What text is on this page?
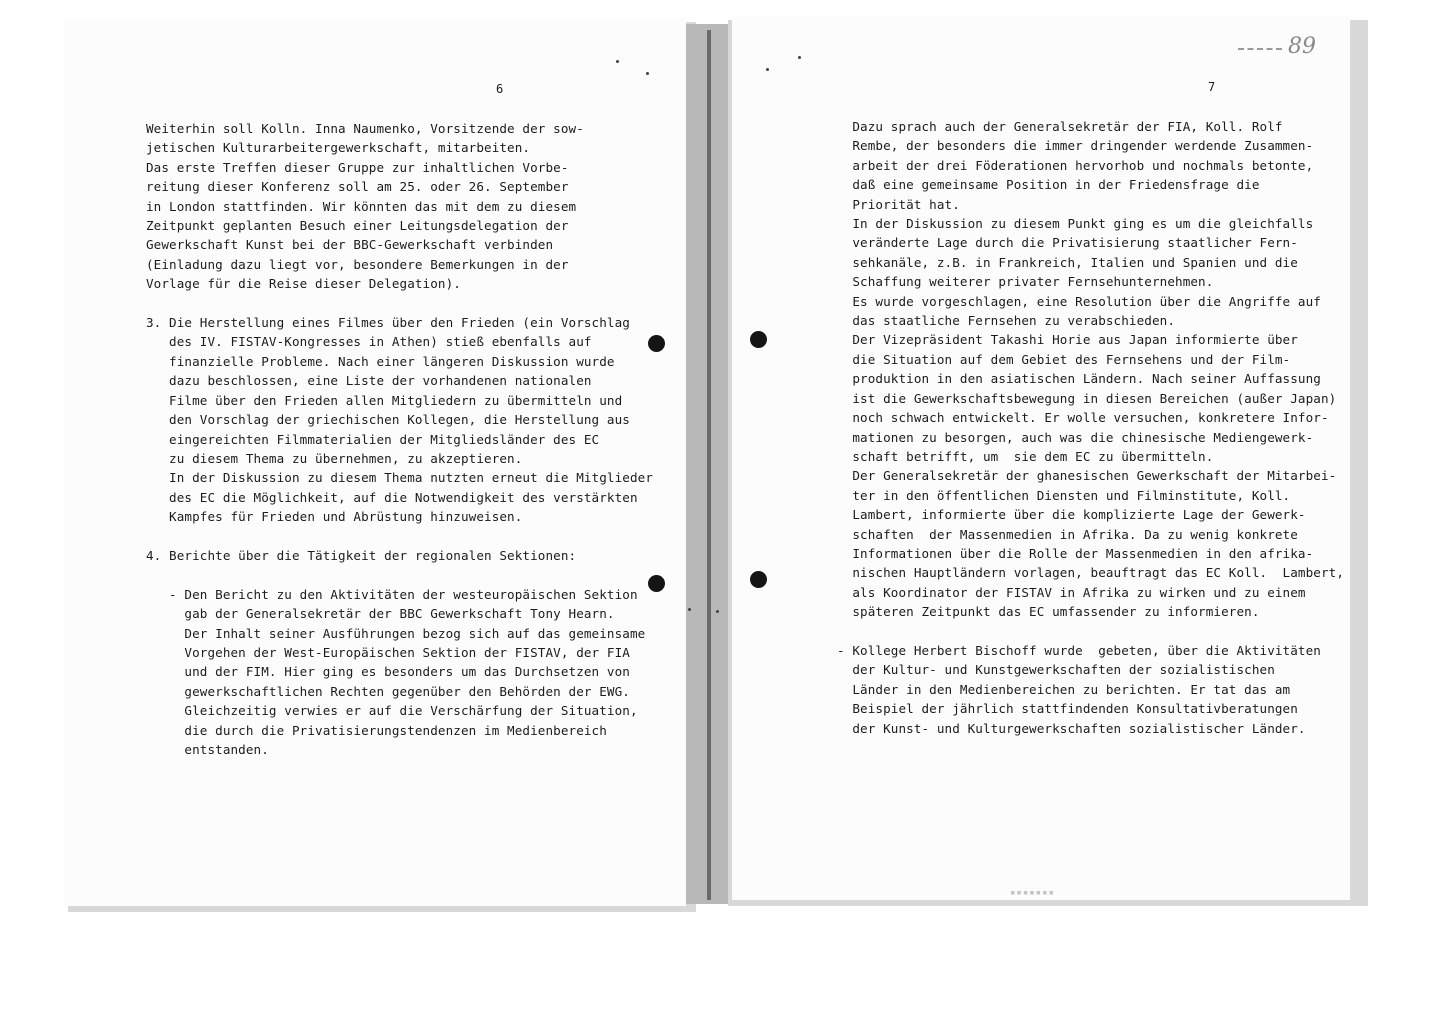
6
Weiterhin soll Kolln. Inna Naumenko, Vorsitzende der sow-
jetischen Kulturarbeitergewerkschaft, mitarbeiten.
Das erste Treffen dieser Gruppe zur inhaltlichen Vorbe-
reitung dieser Konferenz soll am 25. oder 26. September
in London stattfinden. Wir könnten das mit dem zu diesem
Zeitpunkt geplanten Besuch einer Leitungsdelegation der
Gewerkschaft Kunst bei der BBC-Gewerkschaft verbinden
(Einladung dazu liegt vor, besondere Bemerkungen in der
Vorlage für die Reise dieser Delegation).

3. Die Herstellung eines Filmes über den Frieden (ein Vorschlag
des IV. FISTAV-Kongresses in Athen) stieß ebenfalls auf
finanzielle Probleme. Nach einer längeren Diskussion wurde
dazu beschlossen, eine Liste der vorhandenen nationalen
Filme über den Frieden allen Mitgliedern zu übermitteln und
den Vorschlag der griechischen Kollegen, die Herstellung aus
eingereichten Filmmaterialien der Mitgliedsländer des EC
zu diesem Thema zu übernehmen, zu akzeptieren.
In der Diskussion zu diesem Thema nutzten erneut die Mitglieder
des EC die Möglichkeit, auf die Notwendigkeit des verstärkten
Kampfes für Frieden und Abrüstung hinzuweisen.

4. Berichte über die Tätigkeit der regionalen Sektionen:

- Den Bericht zu den Aktivitäten der westeuropäischen Sektion
gab der Generalsekretär der BBC Gewerkschaft Tony Hearn.
Der Inhalt seiner Ausführungen bezog sich auf das gemeinsame
Vorgehen der West-Europäischen Sektion der FISTAV, der FIA
und der FIM. Hier ging es besonders um das Durchsetzen von
gewerkschaftlichen Rechten gegenüber den Behörden der EWG.
Gleichzeitig verwies er auf die Verschärfung der Situation,
die durch die Privatisierungstendenzen im Medienbereich
entstanden.
7
Dazu sprach auch der Generalsekretär der FIA, Koll. Rolf
Rembe, der besonders die immer dringender werdende Zusammen-
arbeit der drei Föderationen hervorhob und nochmals betonte,
daß eine gemeinsame Position in der Friedensfrage die
Priorität hat.
In der Diskussion zu diesem Punkt ging es um die gleichfalls
veränderte Lage durch die Privatisierung staatlicher Fern-
sehkanäle, z.B. in Frankreich, Italien und Spanien und die
Schaffung weiterer privater Fernsehunternehmen.
Es wurde vorgeschlagen, eine Resolution über die Angriffe auf
das staatliche Fernsehen zu verabschieden.
Der Vizepräsident Takashi Horie aus Japan informierte über
die Situation auf dem Gebiet des Fernsehens und der Film-
produktion in den asiatischen Ländern. Nach seiner Auffassung
ist die Gewerkschaftsbewegung in diesen Bereichen (außer Japan)
noch schwach entwickelt. Er wolle versuchen, konkretere Infor-
mationen zu besorgen, auch was die chinesische Mediengewerk-
schaft betrifft, um  sie dem EC zu übermitteln.
Der Generalsekretär der ghanesischen Gewerkschaft der Mitarbei-
ter in den öffentlichen Diensten und Filminstitute, Koll.
Lambert, informierte über die komplizierte Lage der Gewerk-
schaften  der Massenmedien in Afrika. Da zu wenig konkrete
Informationen über die Rolle der Massenmedien in den afrika-
nischen Hauptländern vorlagen, beauftragt das EC Koll.  Lambert,
als Koordinator der FISTAV in Afrika zu wirken und zu einem
späteren Zeitpunkt das EC umfassender zu informieren.

- Kollege Herbert Bischoff wurde  gebeten, über die Aktivitäten
der Kultur- und Kunstgewerkschaften der sozialistischen
Länder in den Medienbereichen zu berichten. Er tat das am
Beispiel der jährlich stattfindenden Konsultativberatungen
der Kunst- und Kulturgewerkschaften sozialistischer Länder.
89
▪▪▪▪▪▪▪
